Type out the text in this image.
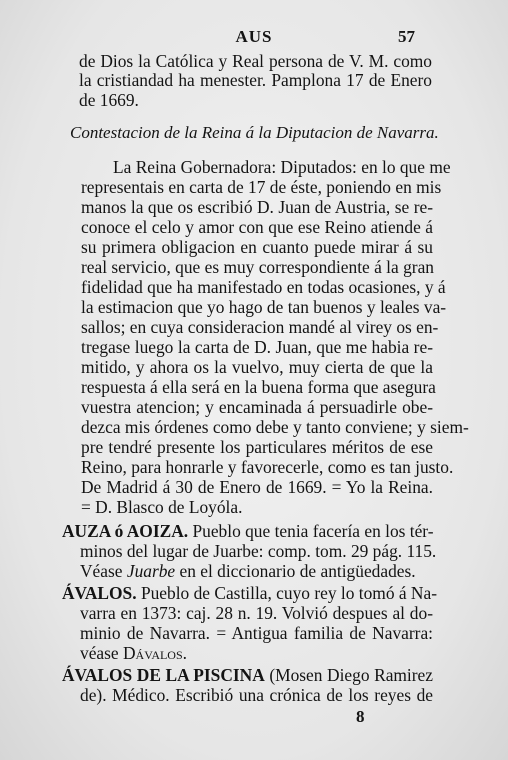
AUS	57
de Dios la Católica y Real persona de V. M. como
la cristiandad ha menester. Pamplona 17 de Enero
de 1669.
Contestacion de la Reina á la Diputacion de Navarra.
La Reina Gobernadora: Diputados: en lo que me
representais en carta de 17 de éste, poniendo en mis
manos la que os escribió D. Juan de Austria, se re-
conoce el celo y amor con que ese Reino atiende á
su primera obligacion en cuanto puede mirar á su
real servicio, que es muy correspondiente á la gran
fidelidad que ha manifestado en todas ocasiones, y á
la estimacion que yo hago de tan buenos y leales va-
sallos; en cuya consideracion mandé al virey os en-
tregase luego la carta de D. Juan, que me habia re-
mitido, y ahora os la vuelvo, muy cierta de que la
respuesta á ella será en la buena forma que asegura
vuestra atencion; y encaminada á persuadirle obe-
dezca mis órdenes como debe y tanto conviene; y siem-
pre tendré presente los particulares méritos de ese
Reino, para honrarle y favorecerle, como es tan justo.
De Madrid á 30 de Enero de 1669. = Yo la Reina.
= D. Blasco de Loyóla.
AUZA ó AOIZA. Pueblo que tenia facería en los tér-
minos del lugar de Juarbe: comp. tom. 29 pág. 115.
Véase Juarbe en el diccionario de antigüedades.
ÁVALOS. Pueblo de Castilla, cuyo rey lo tomó á Na-
varra en 1373: caj. 28 n. 19. Volvió despues al do-
minio de Navarra. = Antigua familia de Navarra:
véase Dávalos.
ÁVALOS DE LA PISCINA (Mosen Diego Ramirez
de). Médico. Escribió una crónica de los reyes de
8
